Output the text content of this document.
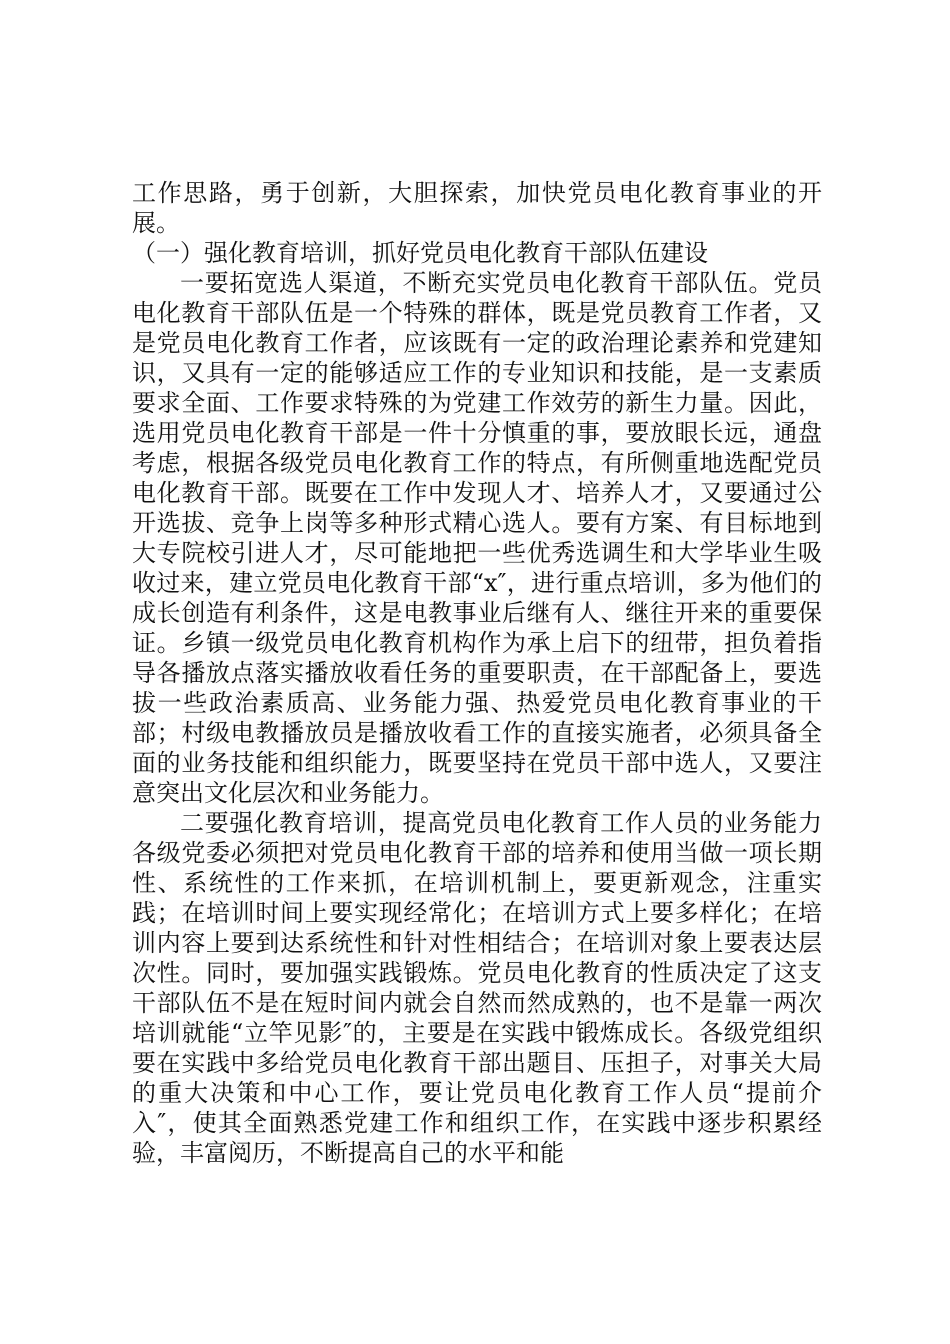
工作思路，勇于创新，大胆探索，加快党员电化教育事业的开展。

（一）强化教育培训，抓好党员电化教育干部队伍建设

一要拓宽选人渠道，不断充实党员电化教育干部队伍。党员电化教育干部队伍是一个特殊的群体，既是党员教育工作者，又是党员电化教育工作者，应该既有一定的政治理论素养和党建知识，又具有一定的能够适应工作的专业知识和技能，是一支素质要求全面、工作要求特殊的为党建工作效劳的新生力量。因此，选用党员电化教育干部是一件十分慎重的事，要放眼长远，通盘考虑，根据各级党员电化教育工作的特点，有所侧重地选配党员电化教育干部。既要在工作中发现人才、培养人才，又要通过公开选拔、竞争上岗等多种形式精心选人。要有方案、有目标地到大专院校引进人才，尽可能地把一些优秀选调生和大学毕业生吸收过来，建立党员电化教育干部“x″，进行重点培训，多为他们的成长创造有利条件，这是电教事业后继有人、继往开来的重要保证。乡镇一级党员电化教育机构作为承上启下的纽带，担负着指导各播放点落实播放收看任务的重要职责，在干部配备上，要选拔一些政治素质高、业务能力强、热爱党员电化教育事业的干部；村级电教播放员是播放收看工作的直接实施者，必须具备全面的业务技能和组织能力，既要坚持在党员干部中选人，又要注意突出文化层次和业务能力。

二要强化教育培训，提高党员电化教育工作人员的业务能力各级党委必须把对党员电化教育干部的培养和使用当做一项长期性、系统性的工作来抓，在培训机制上，要更新观念，注重实践；在培训时间上要实现经常化；在培训方式上要多样化；在培训内容上要到达系统性和针对性相结合；在培训对象上要表达层次性。同时，要加强实践锻炼。党员电化教育的性质决定了这支干部队伍不是在短时间内就会自然而然成熟的，也不是靠一两次培训就能“立竿见影″的，主要是在实践中锻炼成长。各级党组织要在实践中多给党员电化教育干部出题目、压担子，对事关大局的重大决策和中心工作，要让党员电化教育工作人员“提前介入″，使其全面熟悉党建工作和组织工作，在实践中逐步积累经验，丰富阅历，不断提高自己的水平和能
